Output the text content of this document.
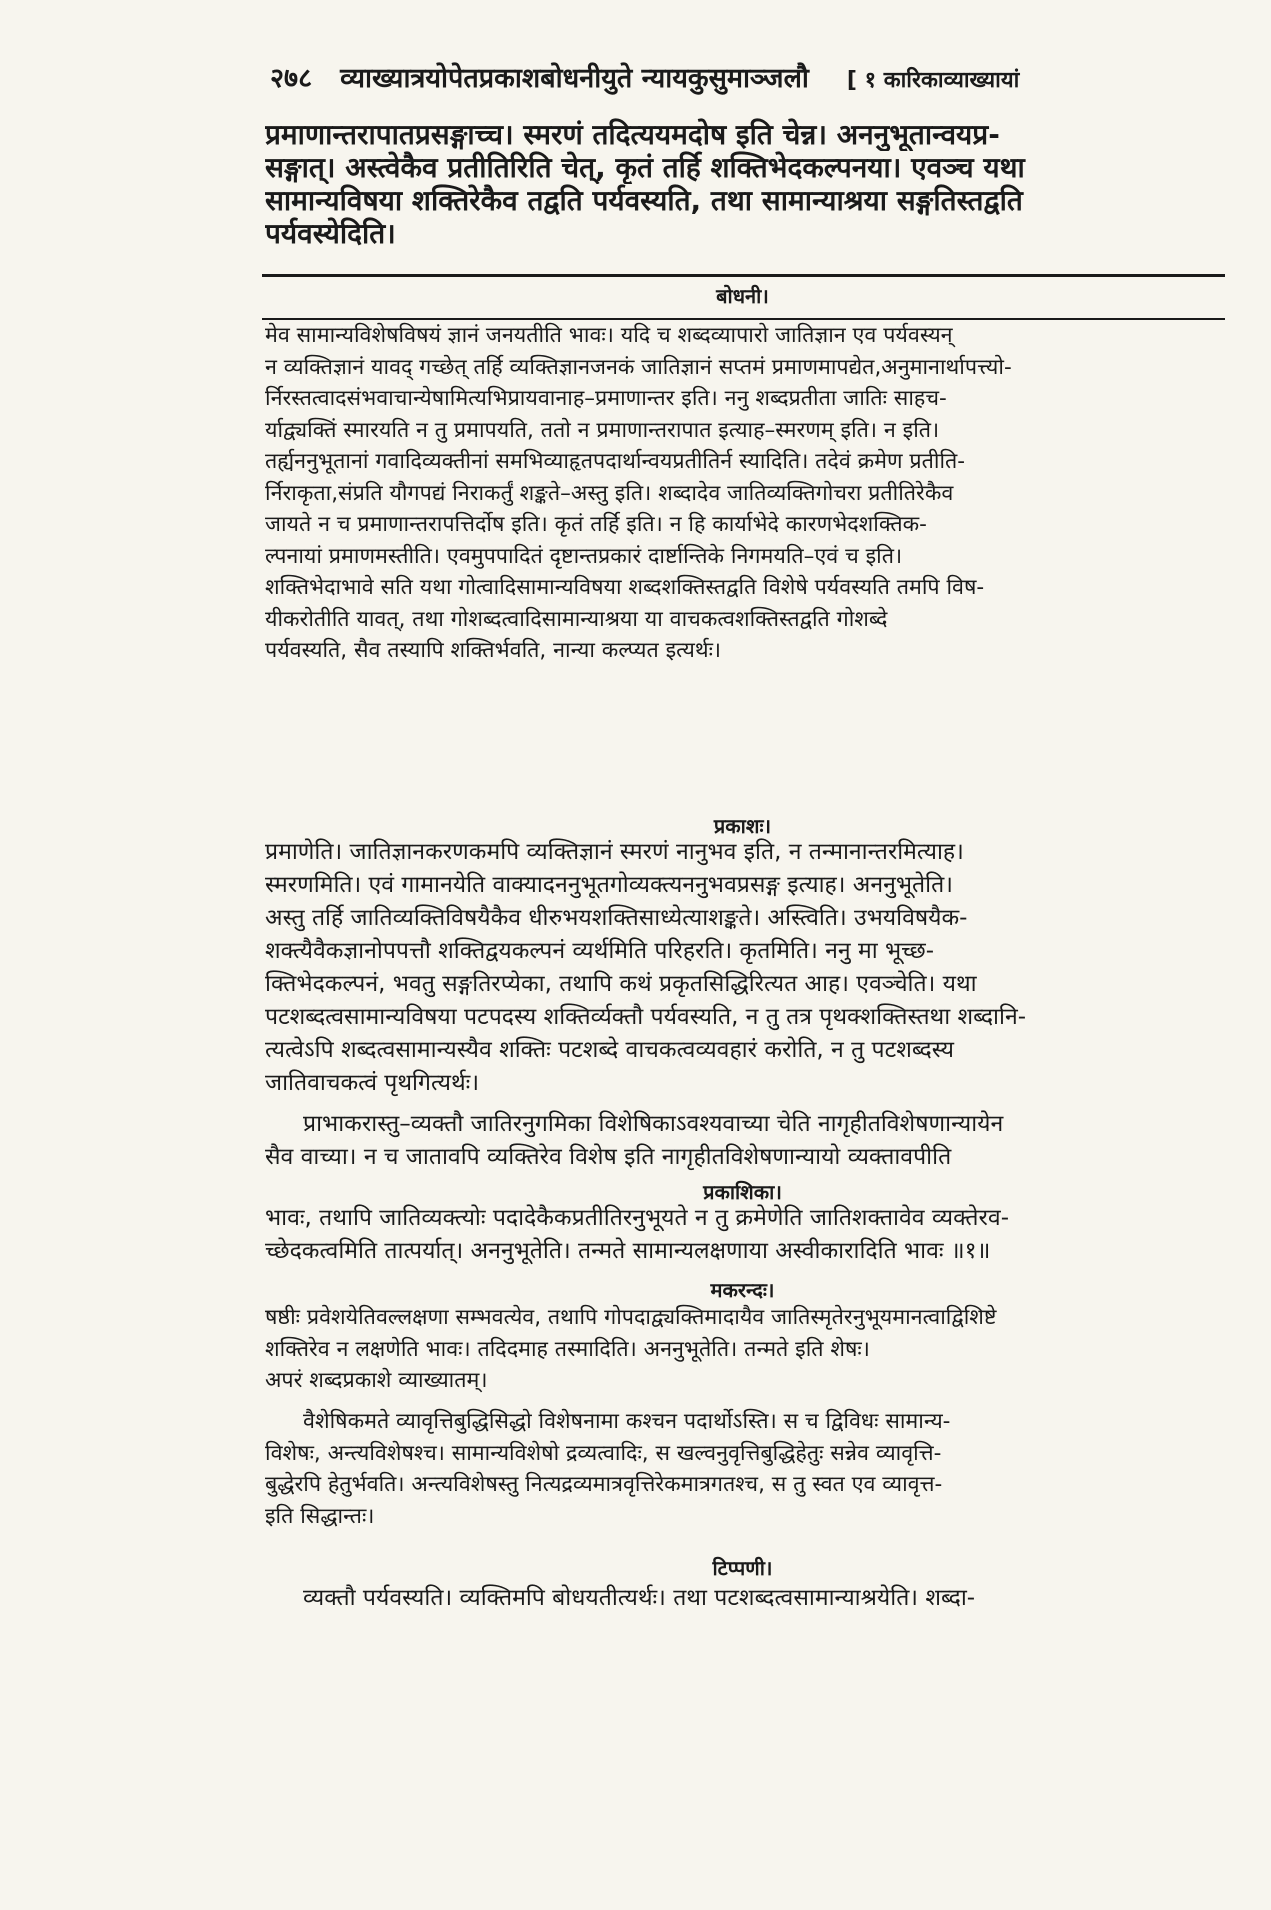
२७८ व्याख्यात्रयोपेतप्रकाशबोधनीयुते न्यायकुसुमाञ्जलौ [ १ कारिकाव्याख्यायां
प्रमाणान्तरापातप्रसङ्गाच्च। स्मरणं तदित्ययमदोष इति चेन्न। अननुभूतान्वयप्र-
सङ्गात्। अस्त्वेकैव प्रतीतिरिति चेत्, कृतं तर्हि शक्तिभेदकल्पनया। एवञ्च यथा
सामान्यविषया शक्तिरेकैव तद्वति पर्यवस्यति, तथा सामान्याश्रया सङ्गतिस्तद्वति
पर्यवस्येदिति।
बोधनी।
मेव सामान्यविशेषविषयं ज्ञानं जनयतीति भावः। यदि च शब्दव्यापारो जातिज्ञान एव पर्यवस्यन्
न व्यक्तिज्ञानं यावद् गच्छेत् तर्हि व्यक्तिज्ञानजनकं जातिज्ञानं सप्तमं प्रमाणमापद्येत,अनुमानार्थापत्त्यो-
र्निरस्तत्वादसंभवाचान्येषामित्यभिप्रायवानाह–प्रमाणान्तर इति। ननु शब्दप्रतीता जातिः साहच-
र्याद्व्यक्तिं स्मारयति न तु प्रमापयति, ततो न प्रमाणान्तरापात इत्याह–स्मरणम् इति। न इति।
तर्ह्यननुभूतानां गवादिव्यक्तीनां समभिव्याहृतपदार्थान्वयप्रतीतिर्न स्यादिति। तदेवं क्रमेण प्रतीति-
र्निराकृता,संप्रति यौगपद्यं निराकर्तुं शङ्कते–अस्तु इति। शब्दादेव जातिव्यक्तिगोचरा प्रतीतिरेकैव
जायते न च प्रमाणान्तरापत्तिर्दोष इति। कृतं तर्हि इति। न हि कार्याभेदे कारणभेदशक्तिक-
ल्पनायां प्रमाणमस्तीति। एवमुपपादितं दृष्टान्तप्रकारं दार्ष्टान्तिके निगमयति–एवं च इति।
शक्तिभेदाभावे सति यथा गोत्वादिसामान्यविषया शब्दशक्तिस्तद्वति विशेषे पर्यवस्यति तमपि विष-
यीकरोतीति यावत्, तथा गोशब्दत्वादिसामान्याश्रया या वाचकत्वशक्तिस्तद्वति गोशब्दे
पर्यवस्यति, सैव तस्यापि शक्तिर्भवति, नान्या कल्प्यत इत्यर्थः।
प्रकाशः।
प्रमाणेति। जातिज्ञानकरणकमपि व्यक्तिज्ञानं स्मरणं नानुभव इति, न तन्मानान्तरमित्याह।
स्मरणमिति। एवं गामानयेति वाक्यादननुभूतगोव्यक्त्यननुभवप्रसङ्ग इत्याह। अननुभूतेति।
अस्तु तर्हि जातिव्यक्तिविषयैकैव धीरुभयशक्तिसाध्येत्याशङ्कते। अस्त्विति। उभयविषयैक-
शक्त्यैवैकज्ञानोपपत्तौ शक्तिद्वयकल्पनं व्यर्थमिति परिहरति। कृतमिति। ननु मा भूच्छ-
क्तिभेदकल्पनं, भवतु सङ्गतिरप्येका, तथापि कथं प्रकृतसिद्धिरित्यत आह। एवञ्चेति। यथा
पटशब्दत्वसामान्यविषया पटपदस्य शक्तिर्व्यक्तौ पर्यवस्यति, न तु तत्र पृथक्शक्तिस्तथा शब्दानि-
त्यत्वेऽपि शब्दत्वसामान्यस्यैव शक्तिः पटशब्दे वाचकत्वव्यवहारं करोति, न तु पटशब्दस्य
जातिवाचकत्वं पृथगित्यर्थः।
प्राभाकरास्तु–व्यक्तौ जातिरनुगमिका विशेषिकाऽवश्यवाच्या चेति नागृहीतविशेषणान्यायेन
सैव वाच्या। न च जातावपि व्यक्तिरेव विशेष इति नागृहीतविशेषणान्यायो व्यक्तावपीति
प्रकाशिका।
भावः, तथापि जातिव्यक्त्योः पदादेकैकप्रतीतिरनुभूयते न तु क्रमेणेति जातिशक्तावेव व्यक्तेरव-
च्छेदकत्वमिति तात्पर्यात्। अननुभूतेति। तन्मते सामान्यलक्षणाया अस्वीकारादिति भावः ॥१॥
मकरन्दः।
षष्ठीः प्रवेशयेतिवल्लक्षणा सम्भवत्येव, तथापि गोपदाद्व्यक्तिमादायैव जातिस्मृतेरनुभूयमानत्वाद्विशिष्टे
शक्तिरेव न लक्षणेति भावः। तदिदमाह तस्मादिति। अननुभूतेति। तन्मते इति शेषः।
अपरं शब्दप्रकाशे व्याख्यातम्।
वैशेषिकमते व्यावृत्तिबुद्धिसिद्धो विशेषनामा कश्चन पदार्थोऽस्ति। स च द्विविधः सामान्य-
विशेषः, अन्त्यविशेषश्च। सामान्यविशेषो द्रव्यत्वादिः, स खल्वनुवृत्तिबुद्धिहेतुः सन्नेव व्यावृत्ति-
बुद्धेरपि हेतुर्भवति। अन्त्यविशेषस्तु नित्यद्रव्यमात्रवृत्तिरेकमात्रगतश्च, स तु स्वत एव व्यावृत्त-
इति सिद्धान्तः।
टिप्पणी।
व्यक्तौ पर्यवस्यति। व्यक्तिमपि बोधयतीत्यर्थः। तथा पटशब्दत्वसामान्याश्रयेति। शब्दा-
